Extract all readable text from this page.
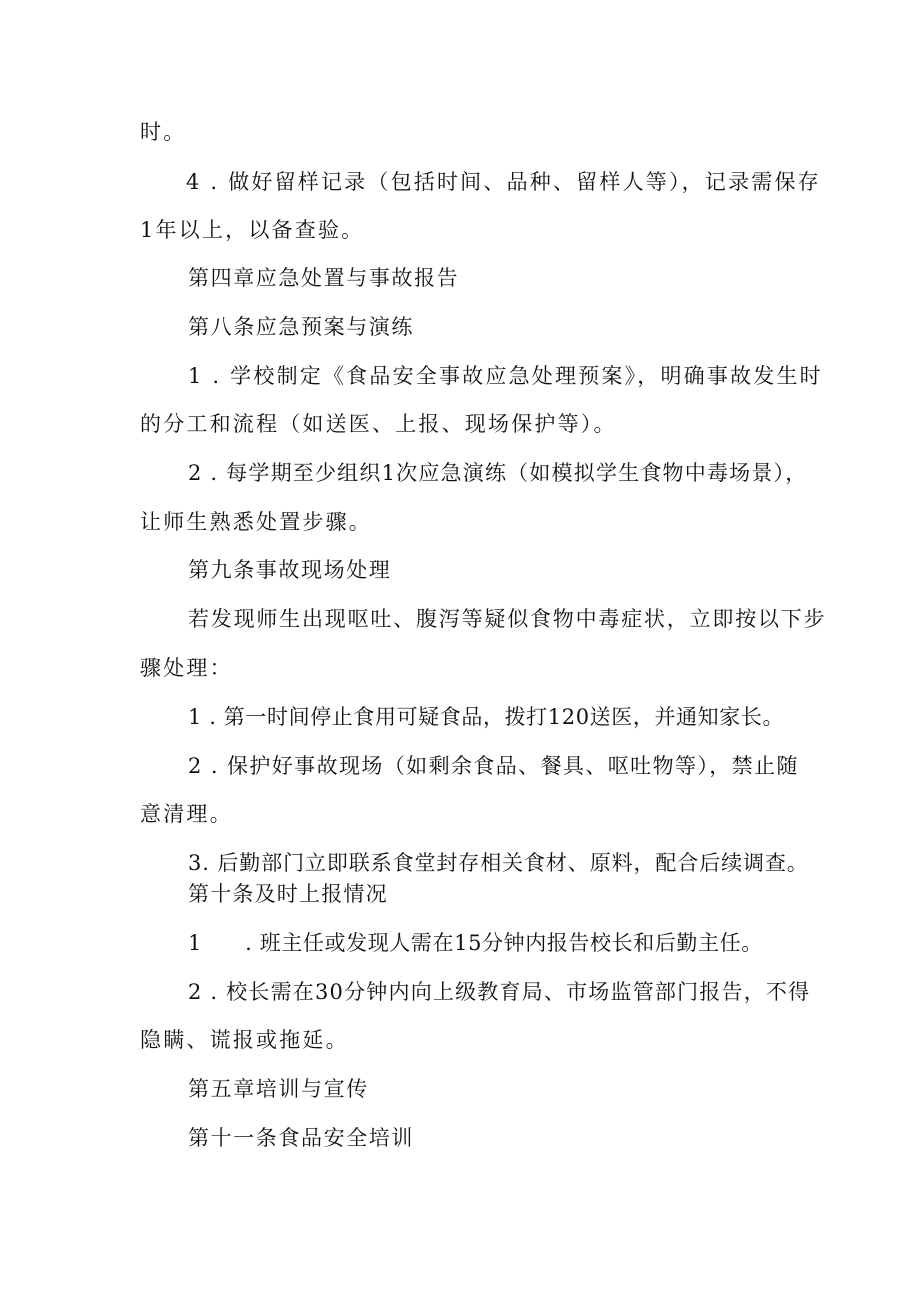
时。
4 . 做好留样记录（包括时间、品种、留样人等），记录需保存
1年以上，以备查验。
第四章应急处置与事故报告
第八条应急预案与演练
1 . 学校制定《食品安全事故应急处理预案》，明确事故发生时
的分工和流程（如送医、上报、现场保护等）。
2 . 每学期至少组织1次应急演练（如模拟学生食物中毒场景），
让师生熟悉处置步骤。
第九条事故现场处理
若发现师生出现呕吐、腹泻等疑似食物中毒症状，立即按以下步
骤处理：
1 . 第一时间停止食用可疑食品，拨打120送医，并通知家长。
2 . 保护好事故现场（如剩余食品、餐具、呕吐物等），禁止随
意清理。
3. 后勤部门立即联系食堂封存相关食材、原料，配合后续调查。
第十条及时上报情况
1　　. 班主任或发现人需在15分钟内报告校长和后勤主任。
2 . 校长需在30分钟内向上级教育局、市场监管部门报告，不得
隐瞒、谎报或拖延。
第五章培训与宣传
第十一条食品安全培训
